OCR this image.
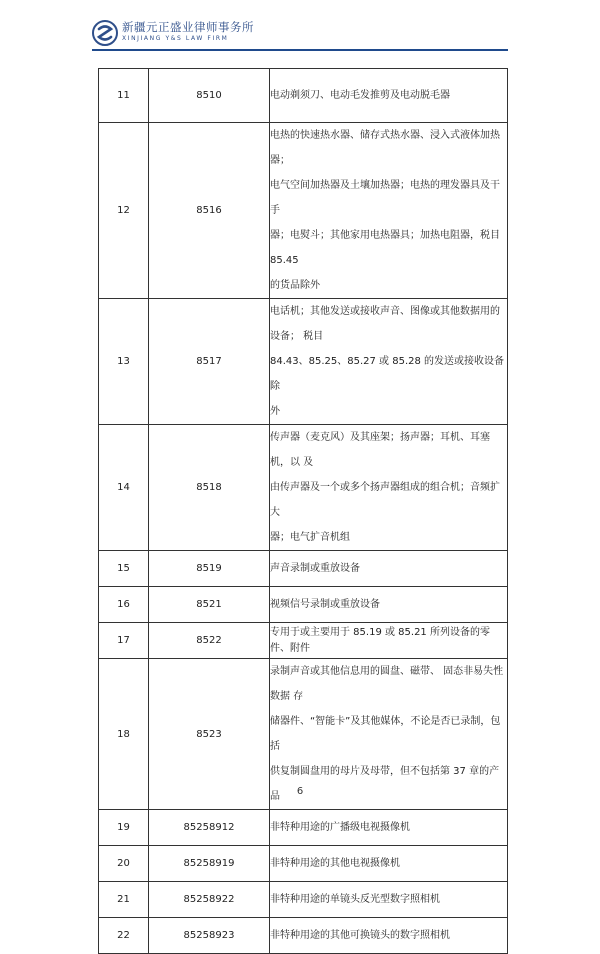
新疆元正盛业律师事务所
XINJIANG Y&S LAW FIRM
11	8510	电动剃须刀、电动毛发推剪及电动脱毛器

12	8516	电热的快速热水器、储存式热水器、浸入式液体加热器；
电气空间加热器及土壤加热器；电热的理发器具及干手
器；电熨斗；其他家用电热器具；加热电阻器，税目 85.45
的货品除外

13	8517	电话机；其他发送或接收声音、图像或其他数据用的设备； 税目
84.43、85.25、85.27 或 85.28 的发送或接收设备除
外

14	8518	传声器（麦克风）及其座架；扬声器；耳机、耳塞机，以 及
由传声器及一个或多个扬声器组成的组合机；音频扩大
器；电气扩音机组

15	8519	声音录制或重放设备

16	8521	视频信号录制或重放设备

17	8522	专用于或主要用于 85.19 或 85.21 所列设备的零件、附件

18	8523	录制声音或其他信息用的圆盘、磁带、 固态非易失性数据 存
储器件、“智能卡”及其他媒体，不论是否已录制，包括
供复制圆盘用的母片及母带，但不包括第 37 章的产品

19	85258912	非特种用途的广播级电视摄像机

20	85258919	非特种用途的其他电视摄像机

21	85258922	非特种用途的单镜头反光型数字照相机

22	85258923	非特种用途的其他可换镜头的数字照相机
6
